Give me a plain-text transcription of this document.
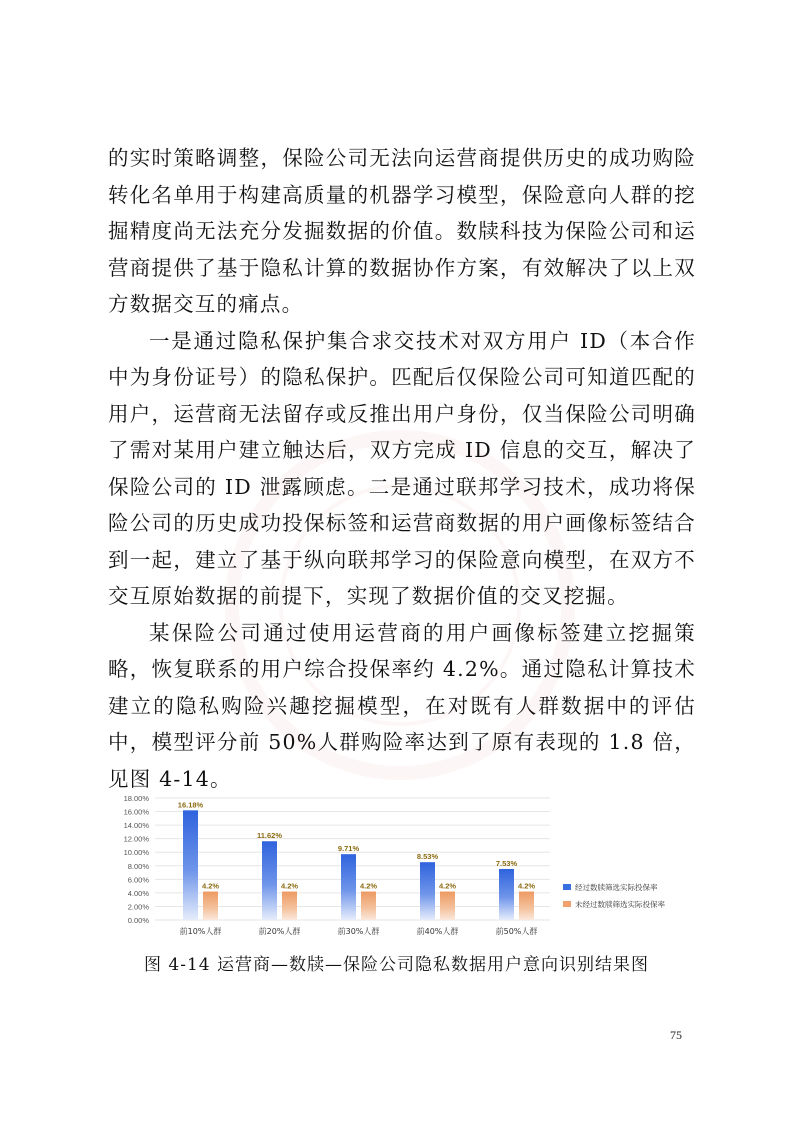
的实时策略调整，保险公司无法向运营商提供历史的成功购险转化名单用于构建高质量的机器学习模型，保险意向人群的挖掘精度尚无法充分发掘数据的价值。数牍科技为保险公司和运营商提供了基于隐私计算的数据协作方案，有效解决了以上双方数据交互的痛点。

一是通过隐私保护集合求交技术对双方用户 ID（本合作中为身份证号）的隐私保护。匹配后仅保险公司可知道匹配的用户，运营商无法留存或反推出用户身份，仅当保险公司明确了需对某用户建立触达后，双方完成 ID 信息的交互，解决了保险公司的 ID 泄露顾虑。二是通过联邦学习技术，成功将保险公司的历史成功投保标签和运营商数据的用户画像标签结合到一起，建立了基于纵向联邦学习的保险意向模型，在双方不交互原始数据的前提下，实现了数据价值的交叉挖掘。

某保险公司通过使用运营商的用户画像标签建立挖掘策略，恢复联系的用户综合投保率约 4.2%。通过隐私计算技术建立的隐私购险兴趣挖掘模型，在对既有人群数据中的评估中，模型评分前 50%人群购险率达到了原有表现的 1.8 倍，见图 4-14。

18.00%
16.00%
14.00%
12.00%
10.00%
8.00%
6.00%
4.00%
2.00%
0.00%
16.18%
4.2%
11.62%
4.2%
9.71%
4.2%
8.53%
4.2%
7.53%
4.2%
前10%人群	前20%人群	前30%人群	前40%人群	前50%人群
经过数牍筛选实际投保率
未经过数牍筛选实际投保率
图 4-14 运营商—数牍—保险公司隐私数据用户意向识别结果图
75
